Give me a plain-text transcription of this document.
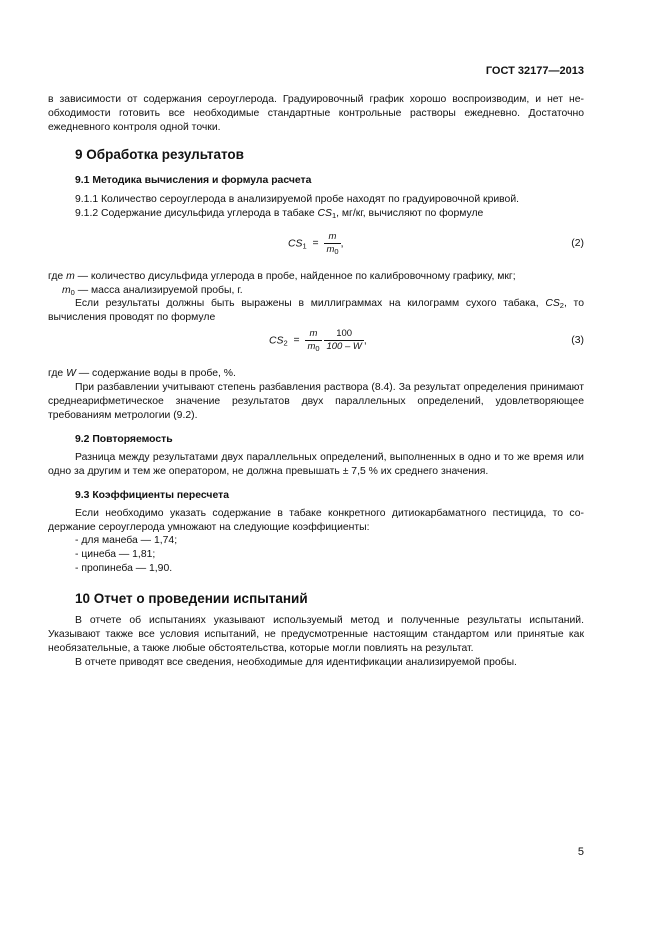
ГОСТ 32177—2013

в зависимости от содержания сероуглерода. Градуировочный график хорошо воспроизводим, и нет необходимости готовить все необходимые стандартные контрольные растворы ежедневно. Достаточно ежедневного контроля одной точки.

9 Обработка результатов
9.1 Методика вычисления и формула расчета

9.1.1 Количество сероуглерода в анализируемой пробе находят по градуировочной кривой.

9.1.2 Содержание дисульфида углерода в табаке $CS_1$, мг/кг, вычисляют по формуле

$CS_1 = \frac{m}{m_0}$ ,	(2)

где m — количество дисульфида углерода в пробе, найденное по калибровочному графику, мкг;

$m_0$ — масса анализируемой пробы, г.

Если результаты должны быть выражены в миллиграммах на килограмм сухого табака, $CS_2$, то вычисления проводят по формуле

$CS_2 = \frac{m}{m_0}$
$\frac{100}{100 - W}$ ,	(3)

где W — содержание воды в пробе, %.

При разбавлении учитывают степень разбавления раствора (8.4). За результат определения принимают среднеарифметическое значение результатов двух параллельных определений, удовлетворяющее требованиям метрологии (9.2).

9.2 Повторяемость

Разница между результатами двух параллельных определений, выполненных в одно и то же время или одно за другим и тем же оператором, не должна превышать ± 7,5 % их среднего значения.

9.3 Коэффициенты пересчета

Если необходимо указать содержание в табаке конкретного дитиокарбаматного пестицида, то содержание сероуглерода умножают на следующие коэффициенты:

- для манеба — 1,74;
- цинеба — 1,81;
- пропинеба — 1,90.
10 Отчет о проведении испытаний

В отчете об испытаниях указывают используемый метод и полученные результаты испытаний. Указывают также все условия испытаний, не предусмотренные настоящим стандартом или принятые как необязательные, а также любые обстоятельства, которые могли повлиять на результат.

В отчете приводят все сведения, необходимые для идентификации анализируемой пробы.

5
